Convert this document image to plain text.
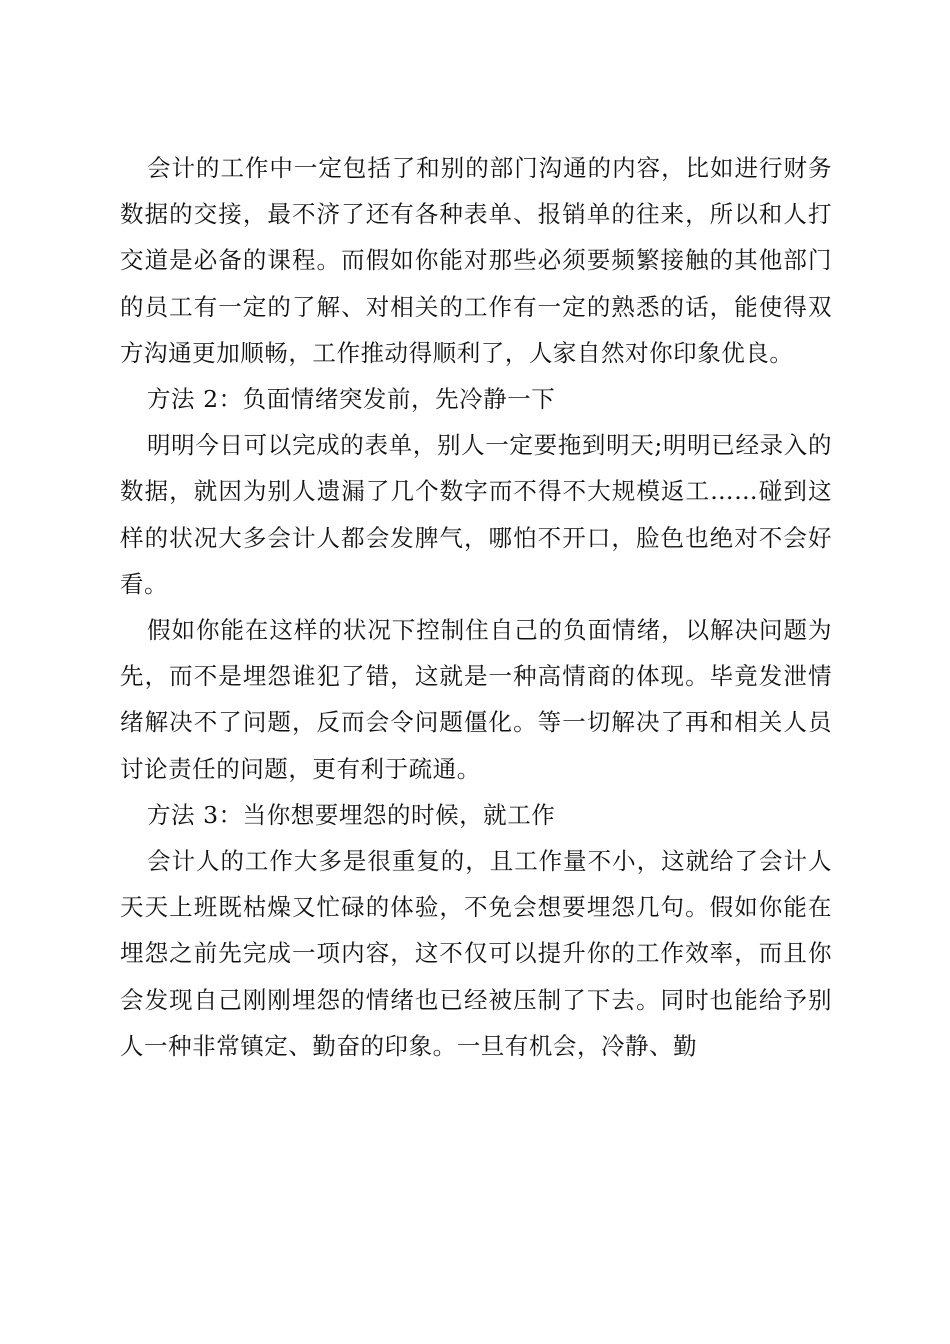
会计的工作中一定包括了和别的部门沟通的内容，比如进行财务数据的交接，最不济了还有各种表单、报销单的往来，所以和人打交道是必备的课程。而假如你能对那些必须要频繁接触的其他部门的员工有一定的了解、对相关的工作有一定的熟悉的话，能使得双方沟通更加顺畅，工作推动得顺利了，人家自然对你印象优良。

方法 2：负面情绪突发前，先冷静一下

明明今日可以完成的表单，别人一定要拖到明天;明明已经录入的数据，就因为别人遗漏了几个数字而不得不大规模返工……碰到这样的状况大多会计人都会发脾气，哪怕不开口，脸色也绝对不会好看。

假如你能在这样的状况下控制住自己的负面情绪，以解决问题为先，而不是埋怨谁犯了错，这就是一种高情商的体现。毕竟发泄情绪解决不了问题，反而会令问题僵化。等一切解决了再和相关人员讨论责任的问题，更有利于疏通。

方法 3：当你想要埋怨的时候，就工作

会计人的工作大多是很重复的，且工作量不小，这就给了会计人天天上班既枯燥又忙碌的体验，不免会想要埋怨几句。假如你能在埋怨之前先完成一项内容，这不仅可以提升你的工作效率，而且你会发现自己刚刚埋怨的情绪也已经被压制了下去。同时也能给予别人一种非常镇定、勤奋的印象。一旦有机会，冷静、勤
